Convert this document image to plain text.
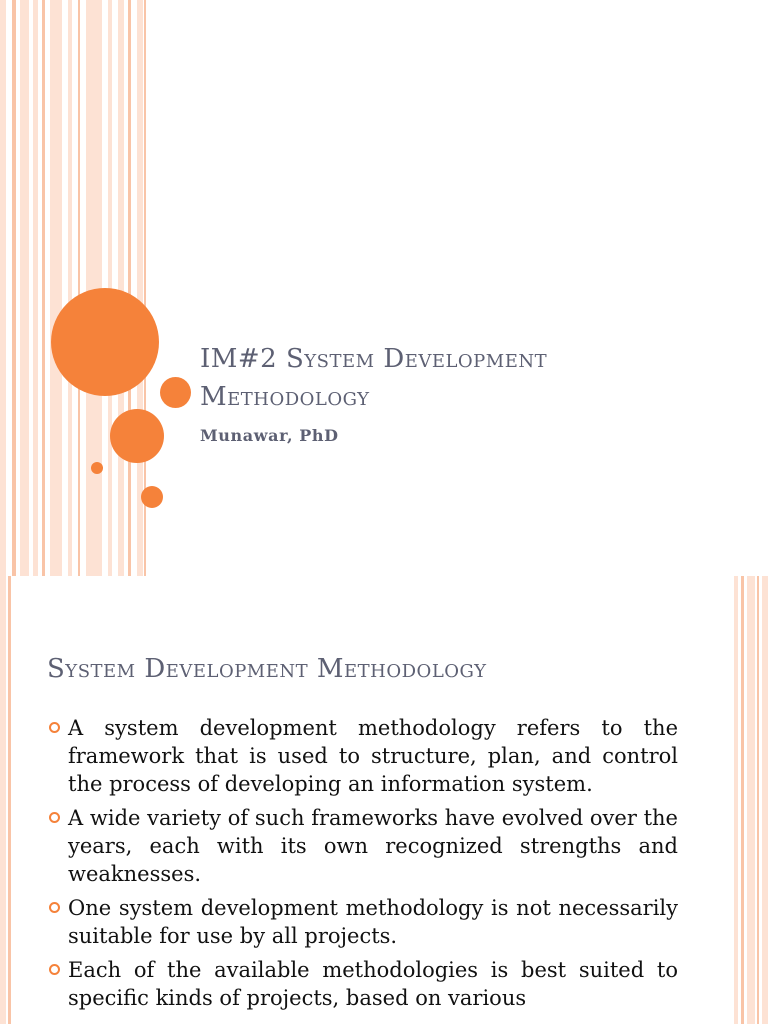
IM#2 System Development
Methodology
Munawar, PhD
System Development Methodology
A system development methodology refers to the framework that is used to structure, plan, and control the process of developing an information system.
A wide variety of such frameworks have evolved over the years, each with its own recognized strengths and weaknesses.
One system development methodology is not necessarily suitable for use by all projects.
Each of the available methodologies is best suited to specific kinds of projects, based on various
